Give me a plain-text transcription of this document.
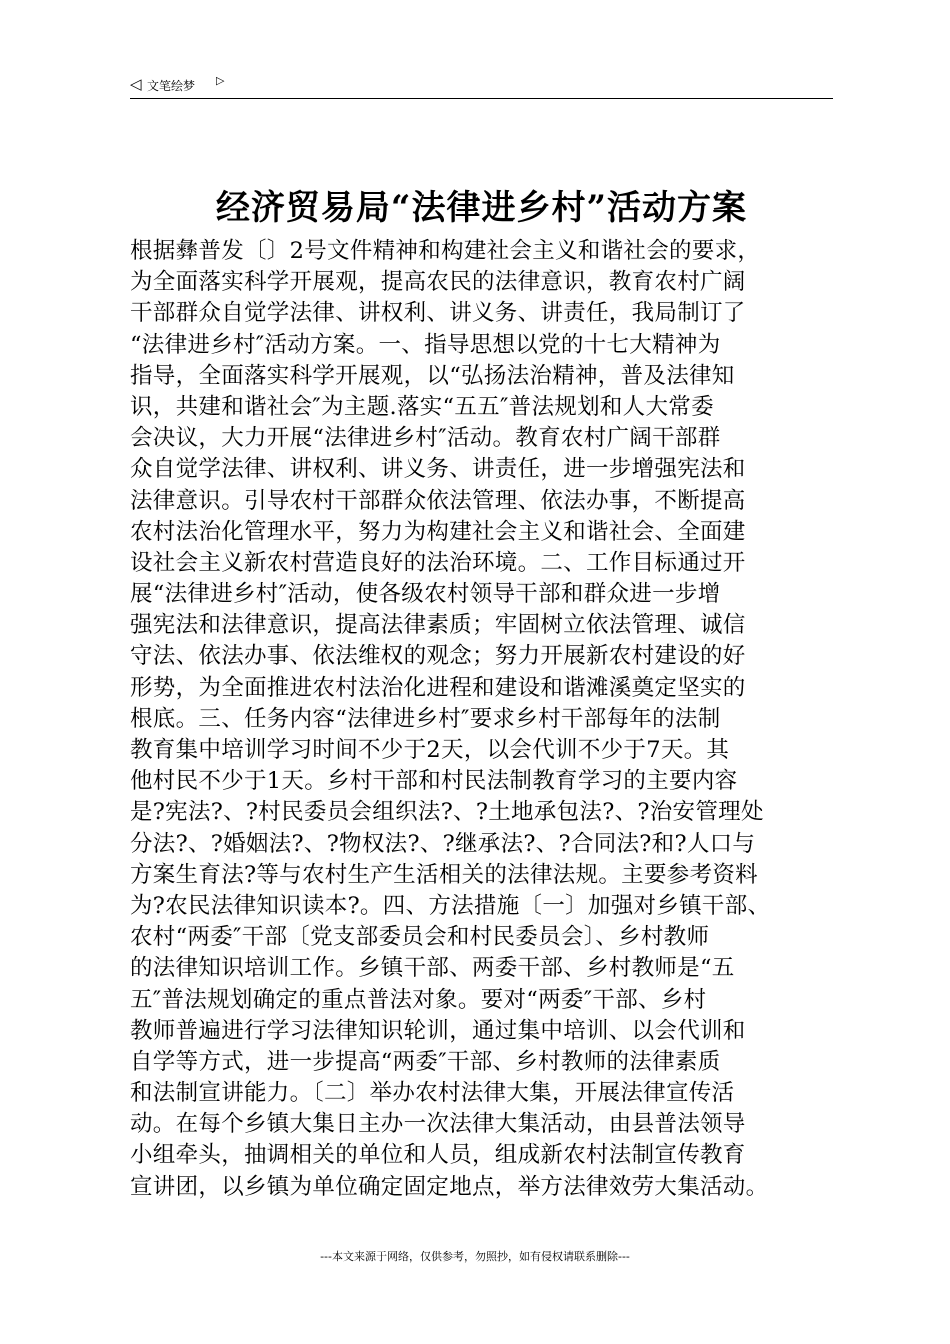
◁ 文笔绘梦 ▷
经济贸易局“法律进乡村”活动方案
根据彝普发〔〕2号文件精神和构建社会主义和谐社会的要求，
为全面落实科学开展观，提高农民的法律意识，教育农村广阔
干部群众自觉学法律、讲权利、讲义务、讲责任，我局制订了
“法律进乡村″活动方案。一、指导思想以党的十七大精神为
指导，全面落实科学开展观，以“弘扬法治精神，普及法律知
识，共建和谐社会″为主题.落实“五五″普法规划和人大常委
会决议，大力开展“法律进乡村″活动。教育农村广阔干部群
众自觉学法律、讲权利、讲义务、讲责任，进一步增强宪法和
法律意识。引导农村干部群众依法管理、依法办事，不断提高
农村法治化管理水平，努力为构建社会主义和谐社会、全面建
设社会主义新农村营造良好的法治环境。二、工作目标通过开
展“法律进乡村″活动，使各级农村领导干部和群众进一步增
强宪法和法律意识，提高法律素质；牢固树立依法管理、诚信
守法、依法办事、依法维权的观念；努力开展新农村建设的好
形势，为全面推进农村法治化进程和建设和谐滩溪奠定坚实的
根底。三、任务内容“法律进乡村″要求乡村干部每年的法制
教育集中培训学习时间不少于2天，以会代训不少于7天。其
他村民不少于1天。乡村干部和村民法制教育学习的主要内容
是?宪法?、?村民委员会组织法?、?土地承包法?、?治安管理处
分法?、?婚姻法?、?物权法?、?继承法?、?合同法?和?人口与
方案生育法?等与农村生产生活相关的法律法规。主要参考资料
为?农民法律知识读本?。四、方法措施〔一〕加强对乡镇干部、
农村“两委″干部〔党支部委员会和村民委员会〕、乡村教师
的法律知识培训工作。乡镇干部、两委干部、乡村教师是“五
五″普法规划确定的重点普法对象。要对“两委″干部、乡村
教师普遍进行学习法律知识轮训，通过集中培训、以会代训和
自学等方式，进一步提高“两委″干部、乡村教师的法律素质
和法制宣讲能力。〔二〕举办农村法律大集，开展法律宣传活
动。在每个乡镇大集日主办一次法律大集活动，由县普法领导
小组牵头，抽调相关的单位和人员，组成新农村法制宣传教育
宣讲团，以乡镇为单位确定固定地点，举方法律效劳大集活动。
---本文来源于网络，仅供参考，勿照抄，如有侵权请联系删除---
